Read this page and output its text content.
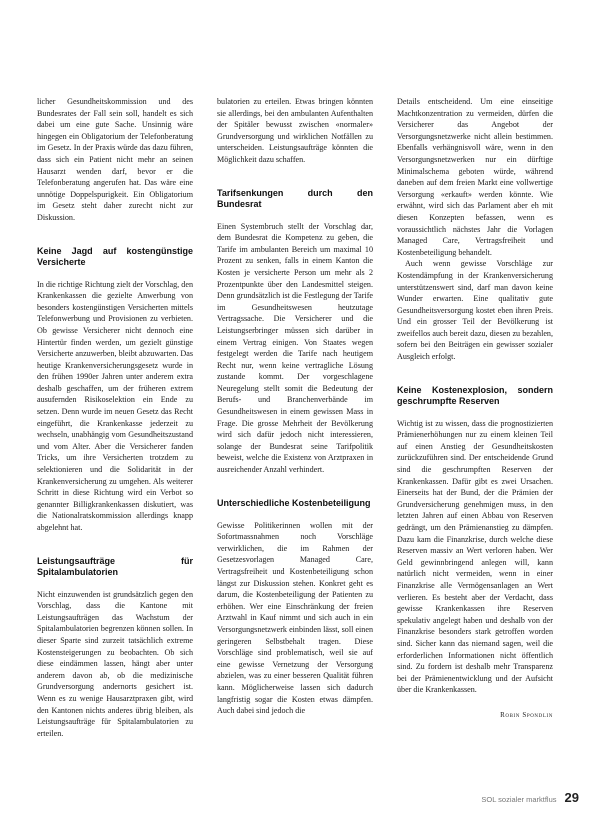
licher Gesundheitskommission und des Bundesrates der Fall sein soll, handelt es sich dabei um eine gute Sache. Unsinnig wäre hingegen ein Obligatorium der Telefonberatung im Gesetz. In der Praxis würde das dazu führen, dass sich ein Patient nicht mehr an seinen Hausarzt wenden darf, bevor er die Telefonberatung angerufen hat. Das wäre eine unnötige Doppelspurigkeit. Ein Obligatorium im Gesetz steht daher zurecht nicht zur Diskussion.

Keine Jagd auf kostengünstige Versicherte

In die richtige Richtung zielt der Vorschlag, den Krankenkassen die gezielte Anwerbung von besonders kostengünstigen Versicherten mittels Telefonwerbung und Provisionen zu verbieten. Ob gewisse Versicherer nicht dennoch eine Hintertür finden werden, um gezielt günstige Versicherte anzuwerben, bleibt abzuwarten. Das heutige Krankenversicherungsgesetz wurde in den frühen 1990er Jahren unter anderem extra deshalb geschaffen, um der früheren extrem ausufernden Risikoselektion ein Ende zu setzen. Denn wurde im neuen Gesetz das Recht eingeführt, die Krankenkasse jederzeit zu wechseln, unabhängig vom Gesundheitszustand und vom Alter. Aber die Versicherer fanden Tricks, um ihre Versicherten trotzdem zu selektionieren und die Solidarität in der Krankenversicherung zu umgehen. Als weiterer Schritt in diese Richtung wird ein Verbot so genannter Billigkrankenkassen diskutiert, was die Nationalratskommission allerdings knapp abgelehnt hat.

Leistungsaufträge für Spitalambulatorien

Nicht einzuwenden ist grundsätzlich gegen den Vorschlag, dass die Kantone mit Leistungsaufträgen das Wachstum der Spitalambulatorien begrenzen können sollen. In dieser Sparte sind zurzeit tatsächlich extreme Kostensteigerungen zu beobachten. Ob sich diese eindämmen lassen, hängt aber unter anderem davon ab, ob die medizinische Grundversorgung andernorts gesichert ist. Wenn es zu wenige Hausarztpraxen gibt, wird den Kantonen nichts anderes übrig bleiben, als Leistungsaufträge für Spitalambulatorien zu erteilen.

bulatorien zu erteilen. Etwas bringen könnten sie allerdings, bei den ambulanten Aufenthalten der Spitäler bewusst zwischen «normaler» Grundversorgung und wirklichen Notfällen zu unterscheiden. Leistungsaufträge könnten die Möglichkeit dazu schaffen.

Tarifsenkungen durch den Bundesrat

Einen Systembruch stellt der Vorschlag dar, dem Bundesrat die Kompetenz zu geben, die Tarife im ambulanten Bereich um maximal 10 Prozent zu senken, falls in einem Kanton die Kosten je versicherte Person um mehr als 2 Prozentpunkte über den Landesmittel steigen. Denn grundsätzlich ist die Festlegung der Tarife im Gesundheitswesen heutzutage Vertragssache. Die Versicherer und die Leistungserbringer müssen sich darüber in einem Vertrag einigen. Von Staates wegen festgelegt werden die Tarife nach heutigem Recht nur, wenn keine vertragliche Lösung zustande kommt. Der vorgeschlagene Neuregelung stellt somit die Bedeutung der Berufs- und Branchenverbände im Gesundheitswesen in einem gewissen Mass in Frage. Die grosse Mehrheit der Bevölkerung wird sich dafür jedoch nicht interessieren, solange der Bundesrat seine Tarifpolitik beweist, welche die Existenz von Arztpraxen in ausreichender Anzahl verhindert.

Unterschiedliche Kostenbeteiligung

Gewisse Politikerinnen wollen mit der Sofortmassnahmen noch Vorschläge verwirklichen, die im Rahmen der Gesetzesvorlagen Managed Care, Vertragsfreiheit und Kostenbeteiligung schon längst zur Diskussion stehen. Konkret geht es darum, die Kostenbeteiligung der Patienten zu erhöhen. Wer eine Einschränkung der freien Arztwahl in Kauf nimmt und sich auch in ein Versorgungsnetzwerk einbinden lässt, soll einen geringeren Selbstbehalt tragen. Diese Vorschläge sind problematisch, weil sie auf eine gewisse Vernetzung der Versorgung abzielen, was zu einer besseren Qualität führen kann. Möglicherweise lassen sich dadurch langfristig sogar die Kosten etwas dämpfen. Auch dabei sind jedoch die

Details entscheidend. Um eine einseitige Machtkonzentration zu vermeiden, dürfen die Versicherer das Angebot der Versorgungsnetzwerke nicht allein bestimmen. Ebenfalls verhängnisvoll wäre, wenn in den Versorgungsnetzwerken nur ein dürftige Minimalschema geboten würde, während daneben auf dem freien Markt eine vollwertige Versorgung «erkauft» werden könnte. Wie erwähnt, wird sich das Parlament aber eh mit diesen Konzepten befassen, wenn es voraussichtlich nächstes Jahr die Vorlagen Managed Care, Vertragsfreiheit und Kostenbeteiligung behandelt.

Auch wenn gewisse Vorschläge zur Kostendämpfung in der Krankenversicherung unterstützenswert sind, darf man davon keine Wunder erwarten. Eine qualitativ gute Gesundheitsversorgung kostet eben ihren Preis. Und ein grosser Teil der Bevölkerung ist zweifellos auch bereit dazu, diesen zu bezahlen, sofern bei den Beiträgen ein gewisser sozialer Ausgleich erfolgt.

Keine Kostenexplosion, sondern geschrumpfte Reserven

Wichtig ist zu wissen, dass die prognostizierten Prämienerhöhungen nur zu einem kleinen Teil auf einen Anstieg der Gesundheitskosten zurückzuführen sind. Der entscheidende Grund sind die geschrumpften Reserven der Krankenkassen. Dafür gibt es zwei Ursachen. Einerseits hat der Bund, der die Prämien der Grundversicherung genehmigen muss, in den letzten Jahren auf einen Abbau von Reserven gedrängt, um den Prämienanstieg zu dämpfen. Dazu kam die Finanzkrise, durch welche diese Reserven massiv an Wert verloren haben. Wer Geld gewinnbringend anlegen will, kann natürlich nicht vermeiden, wenn in einer Finanzkrise alle Vermögensanlagen an Wert verlieren. Es besteht aber der Verdacht, dass gewisse Krankenkassen ihre Reserven spekulativ angelegt haben und deshalb von der Finanzkrise besonders stark getroffen worden sind. Sicher kann das niemand sagen, weil die erforderlichen Informationen nicht öffentlich sind. Zu fordern ist deshalb mehr Transparenz bei der Prämienentwicklung und der Aufsicht über die Krankenkassen.

Robin Spondlin
SOL sozialer marktflus 29
